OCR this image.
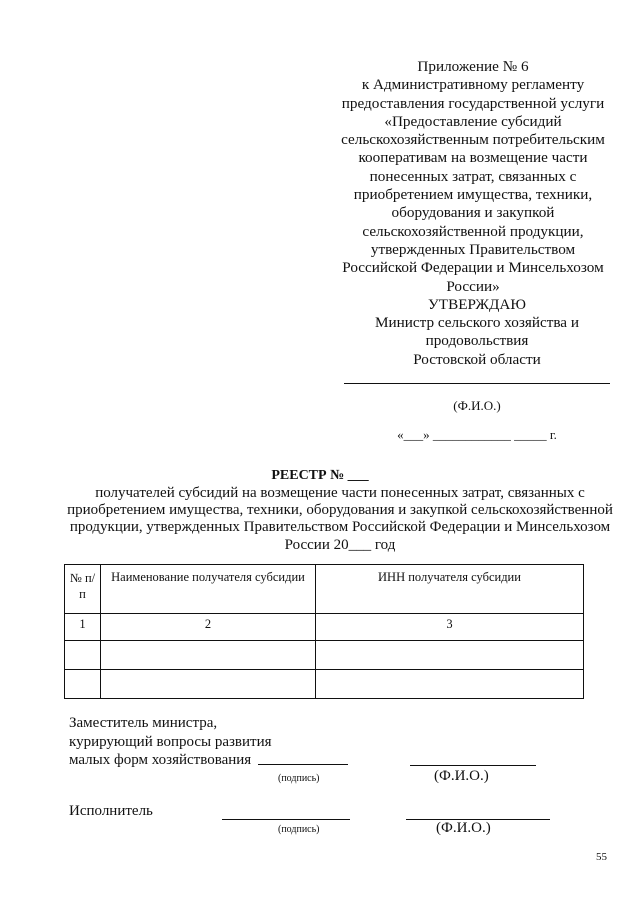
Приложение № 6
к Административному регламенту
предоставления государственной услуги
«Предоставление субсидий
сельскохозяйственным потребительским
кооперативам на возмещение части
понесенных затрат, связанных с
приобретением имущества, техники,
оборудования и закупкой
сельскохозяйственной продукции,
утвержденных Правительством
Российской Федерации и Минсельхозом
России»
УТВЕРЖДАЮ
Министр сельского хозяйства и
продовольствия
Ростовской области
(Ф.И.О.)
«___» ____________ _____ г.
РЕЕСТР № ___
получателей субсидий на возмещение части понесенных затрат, связанных с приобретением имущества, техники, оборудования и закупкой сельскохозяйственной продукции, утвержденных Правительством Российской Федерации и Минсельхозом России 20___ год
№ п/п	Наименование получателя субсидии	ИНН получателя субсидии
1	2	3

Заместитель министра,
курирующий вопросы развития
малых форм хозяйствования
(подпись)	(Ф.И.О.)
Исполнитель
(подпись)	(Ф.И.О.)
55
